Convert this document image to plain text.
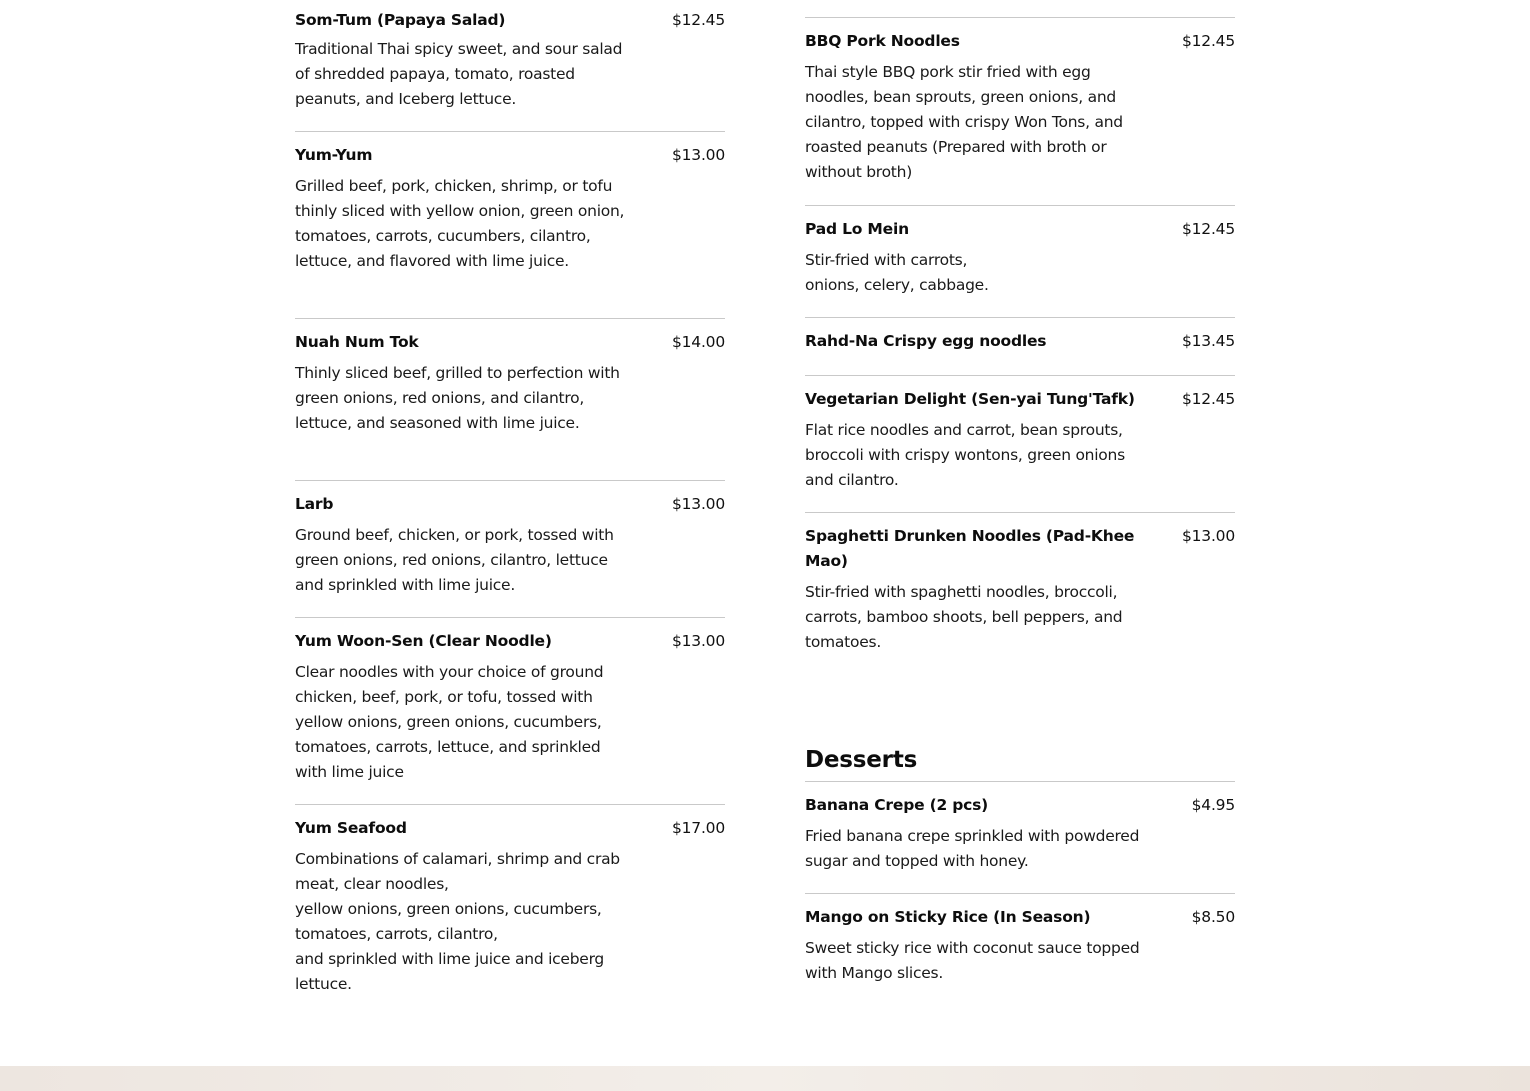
Som-Tum (Papaya Salad)	$12.45
Traditional Thai spicy sweet, and sour salad of shredded papaya, tomato, roasted peanuts, and Iceberg lettuce.
Yum-Yum	$13.00
Grilled beef, pork, chicken, shrimp, or tofu thinly sliced with yellow onion, green onion, tomatoes, carrots, cucumbers, cilantro, lettuce, and flavored with lime juice.
Nuah Num Tok	$14.00
Thinly sliced beef, grilled to perfection with green onions, red onions, and cilantro,
lettuce, and seasoned with lime juice.
Larb	$13.00
Ground beef, chicken, or pork, tossed with green onions, red onions, cilantro, lettuce and sprinkled with lime juice.
Yum Woon-Sen (Clear Noodle)	$13.00
Clear noodles with your choice of ground chicken, beef, pork, or tofu, tossed with yellow onions, green onions, cucumbers, tomatoes, carrots, lettuce, and sprinkled with lime juice
Yum Seafood	$17.00
Combinations of calamari, shrimp and crab meat, clear noodles,
yellow onions, green onions, cucumbers, tomatoes, carrots, cilantro,
and sprinkled with lime juice and iceberg lettuce.
BBQ Pork Noodles	$12.45
Thai style BBQ pork stir fried with egg noodles, bean sprouts, green onions, and cilantro, topped with crispy Won Tons, and roasted peanuts (Prepared with broth or without broth)
Pad Lo Mein	$12.45
Stir-fried with carrots,
onions, celery, cabbage.
Rahd-Na Crispy egg noodles	$13.45
Vegetarian Delight (Sen-yai Tung'Tafk)	$12.45
Flat rice noodles and carrot, bean sprouts, broccoli with crispy wontons, green onions and cilantro.
Spaghetti Drunken Noodles (Pad-Khee Mao)
$13.00
Stir-fried with spaghetti noodles, broccoli, carrots, bamboo shoots, bell peppers, and tomatoes.
Desserts
Banana Crepe (2 pcs)	$4.95
Fried banana crepe sprinkled with powdered sugar and topped with honey.
Mango on Sticky Rice (In Season)	$8.50
Sweet sticky rice with coconut sauce topped with Mango slices.
